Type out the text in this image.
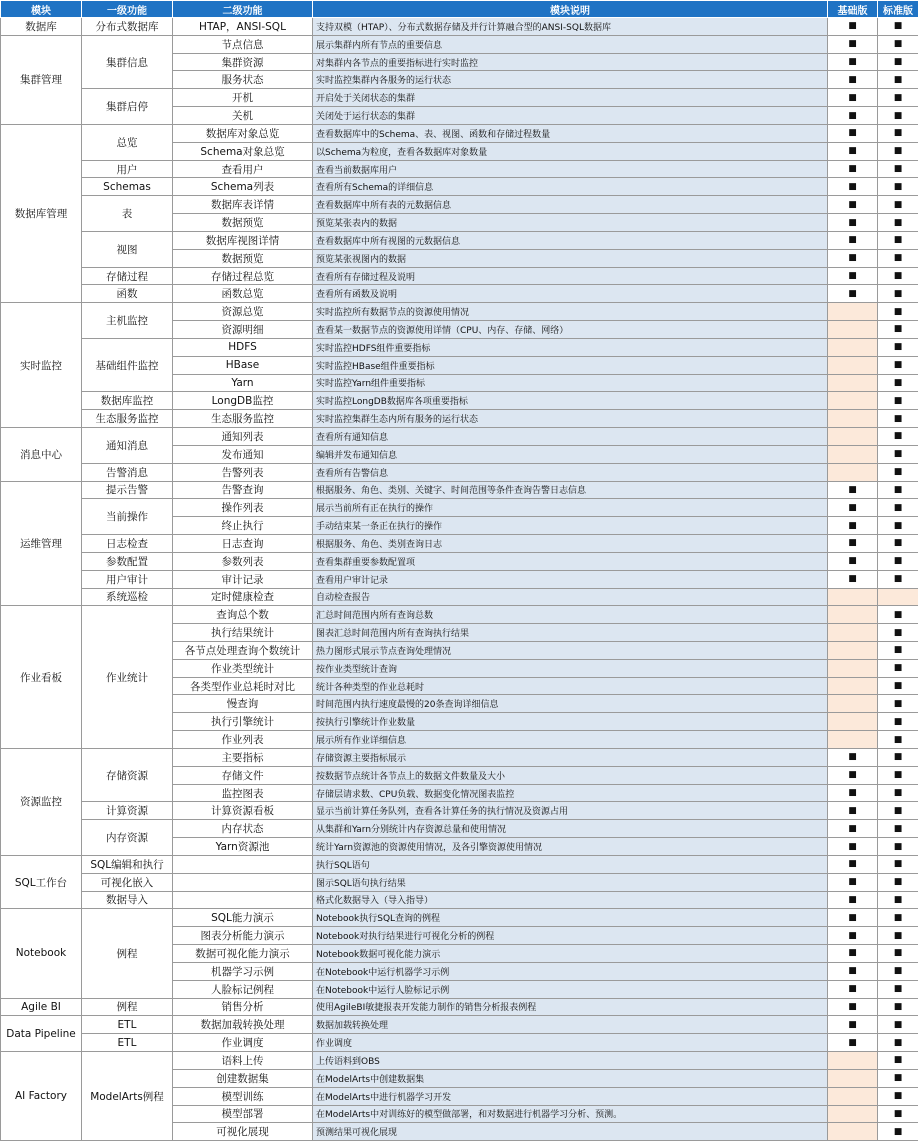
模块	一级功能	二级功能	模块说明	基础版	标准版
数据库	分布式数据库	HTAP，ANSI-SQL	支持双模（HTAP）、分布式数据存储及并行计算融合型的ANSI-SQL数据库	■	■
集群管理	集群信息	节点信息	展示集群内所有节点的重要信息	■	■
		集群资源	对集群内各节点的重要指标进行实时监控	■	■
		服务状态	实时监控集群内各服务的运行状态	■	■
	集群启停	开机	开启处于关闭状态的集群	■	■
		关机	关闭处于运行状态的集群	■	■
数据库管理	总览	数据库对象总览	查看数据库中的Schema、表、视图、函数和存储过程数量	■	■
		Schema对象总览	以Schema为粒度，查看各数据库对象数量	■	■
	用户	查看用户	查看当前数据库用户	■	■
	Schemas	Schema列表	查看所有Schema的详细信息	■	■
	表	数据库表详情	查看数据库中所有表的元数据信息	■	■
		数据预览	预览某张表内的数据	■	■
	视图	数据库视图详情	查看数据库中所有视图的元数据信息	■	■
		数据预览	预览某张视图内的数据	■	■
	存储过程	存储过程总览	查看所有存储过程及说明	■	■
	函数	函数总览	查看所有函数及说明	■	■
实时监控	主机监控	资源总览	实时监控所有数据节点的资源使用情况		■
		资源明细	查看某一数据节点的资源使用详情（CPU、内存、存储、网络）		■
	基础组件监控	HDFS	实时监控HDFS组件重要指标		■
		HBase	实时监控HBase组件重要指标		■
		Yarn	实时监控Yarn组件重要指标		■
	数据库监控	LongDB监控	实时监控LongDB数据库各项重要指标		■
	生态服务监控	生态服务监控	实时监控集群生态内所有服务的运行状态		■
消息中心	通知消息	通知列表	查看所有通知信息		■
		发布通知	编辑并发布通知信息		■
	告警消息	告警列表	查看所有告警信息		■
运维管理	提示告警	告警查询	根据服务、角色、类别、关键字、时间范围等条件查询告警日志信息	■	■
	当前操作	操作列表	展示当前所有正在执行的操作	■	■
		终止执行	手动结束某一条正在执行的操作	■	■
	日志检查	日志查询	根据服务、角色、类别查询日志	■	■
	参数配置	参数列表	查看集群重要参数配置项	■	■
	用户审计	审计记录	查看用户审计记录	■	■
	系统巡检	定时健康检查	自动检查报告		
作业看板	作业统计	查询总个数	汇总时间范围内所有查询总数		■
		执行结果统计	图表汇总时间范围内所有查询执行结果		■
		各节点处理查询个数统计	热力图形式展示节点查询处理情况		■
		作业类型统计	按作业类型统计查询		■
		各类型作业总耗时对比	统计各种类型的作业总耗时		■
		慢查询	时间范围内执行速度最慢的20条查询详细信息		■
		执行引擎统计	按执行引擎统计作业数量		■
		作业列表	展示所有作业详细信息		■
资源监控	存储资源	主要指标	存储资源主要指标展示	■	■
		存储文件	按数据节点统计各节点上的数据文件数量及大小	■	■
		监控图表	存储层请求数、CPU负载、数据变化情况图表监控	■	■
	计算资源	计算资源看板	显示当前计算任务队列，查看各计算任务的执行情况及资源占用	■	■
	内存资源	内存状态	从集群和Yarn分别统计内存资源总量和使用情况	■	■
		Yarn资源池	统计Yarn资源池的资源使用情况，及各引擎资源使用情况	■	■
SQL工作台	SQL编辑和执行		执行SQL语句	■	■
	可视化嵌入		图示SQL语句执行结果	■	■
	数据导入		格式化数据导入（导入指导）	■	■
Notebook	例程	SQL能力演示	Notebook执行SQL查询的例程	■	■
		图表分析能力演示	Notebook对执行结果进行可视化分析的例程	■	■
		数据可视化能力演示	Notebook数据可视化能力演示	■	■
		机器学习示例	在Notebook中运行机器学习示例	■	■
		人脸标记例程	在Notebook中运行人脸标记示例	■	■
Agile BI	例程	销售分析	使用AgileBI敏捷报表开发能力制作的销售分析报表例程	■	■
Data Pipeline	ETL	数据加载转换处理	数据加载转换处理	■	■
	ETL	作业调度	作业调度	■	■
AI Factory	ModelArts例程	语料上传	上传语料到OBS		■
		创建数据集	在ModelArts中创建数据集		■
		模型训练	在ModelArts中进行机器学习开发		■
		模型部署	在ModelArts中对训练好的模型做部署，和对数据进行机器学习分析、预测。		■
		可视化展现	预测结果可视化展现		■
